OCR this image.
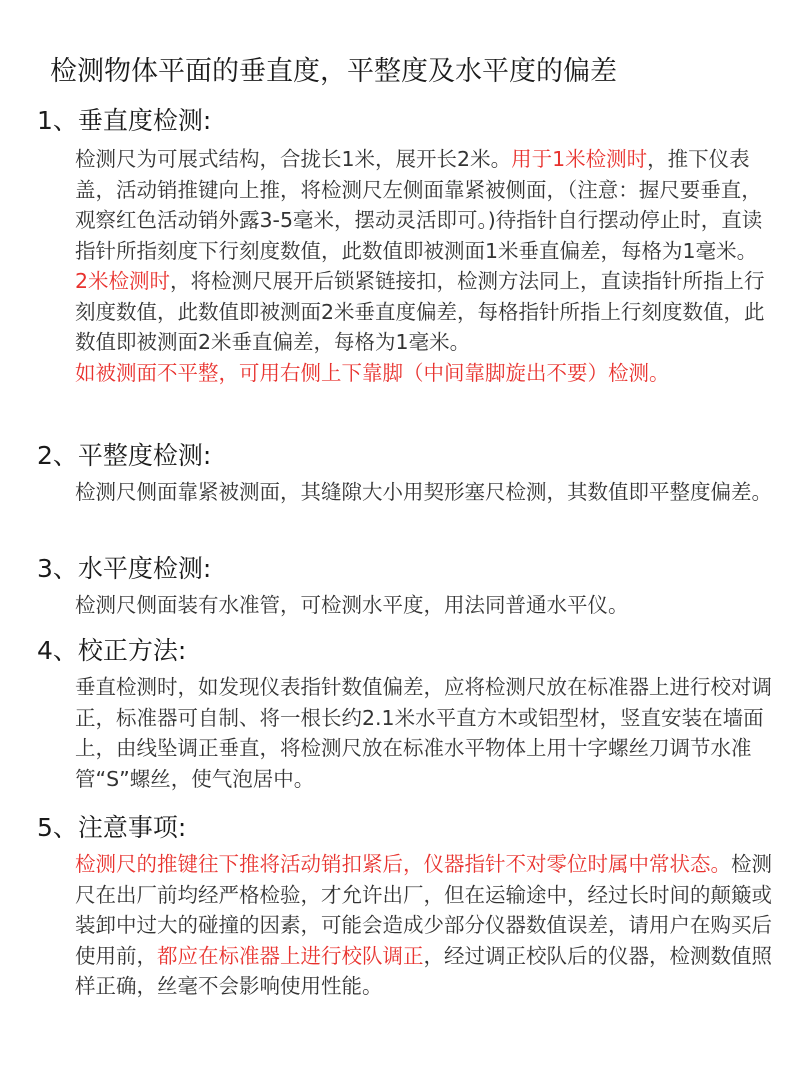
检测物体平面的垂直度，平整度及水平度的偏差
1、垂直度检测:
检测尺为可展式结构，合拢长1米，展开长2米。用于1米检测时，推下仪表盖，活动销推键向上推，将检测尺左侧面靠紧被侧面，（注意：握尺要垂直，观察红色活动销外露3-5毫米，摆动灵活即可。)待指针自行摆动停止时，直读指针所指刻度下行刻度数值，此数值即被测面1米垂直偏差，每格为1毫米。
2米检测时，将检测尺展开后锁紧链接扣，检测方法同上，直读指针所指上行刻度数值，此数值即被测面2米垂直度偏差，每格指针所指上行刻度数值，此数值即被测面2米垂直偏差，每格为1毫米。
如被测面不平整，可用右侧上下靠脚（中间靠脚旋出不要）检测。
2、平整度检测:
检测尺侧面靠紧被测面，其缝隙大小用契形塞尺检测，其数值即平整度偏差。
3、水平度检测:
检测尺侧面装有水准管，可检测水平度，用法同普通水平仪。
4、校正方法:
垂直检测时，如发现仪表指针数值偏差，应将检测尺放在标准器上进行校对调正，标准器可自制、将一根长约2.1米水平直方木或铝型材，竖直安装在墙面上，由线坠调正垂直，将检测尺放在标准水平物体上用十字螺丝刀调节水准管“S”螺丝，使气泡居中。
5、注意事项:
检测尺的推键往下推将活动销扣紧后，仪器指针不对零位时属中常状态。检测尺在出厂前均经严格检验，才允许出厂，但在运输途中，经过长时间的颠簸或装卸中过大的碰撞的因素，可能会造成少部分仪器数值误差，请用户在购买后使用前，都应在标准器上进行校队调正，经过调正校队后的仪器，检测数值照样正确，丝毫不会影响使用性能。
